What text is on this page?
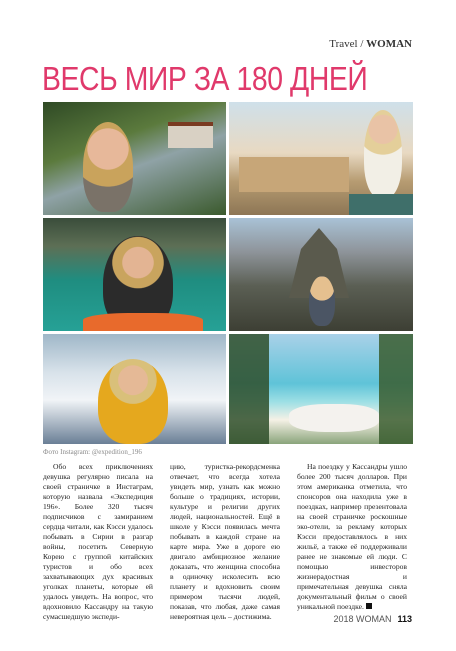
Travel / WOMAN
ВЕСЬ МИР ЗА 180 ДНЕЙ
Фото Instagram: @expedition_196

Обо всех приключениях девушка регулярно писала на своей страничке в Инстаграм, которую назвала «Экспедиция 196». Более 320 тысяч подписчиков с замиранием сердца читали, как Кэсси удалось побывать в Сирии в разгар войны, посетить Северную Корею с группой китайских туристов и обо всех захватывающих дух красивых уголках планеты, которые ей удалось увидеть. На вопрос, что вдохновило Кассандру на такую сумасшедшую экспеди-

цию, туристка-рекордсменка отвечает, что всегда хотела увидеть мир, узнать как можно больше о традициях, истории, культуре и религии других людей, национальностей. Ещё в школе у Кэсси появилась мечта побывать в каждой стране на карте мира. Уже в дороге ею двигало амбициозное желание доказать, что женщина способна в одиночку исколесить всю планету и вдохновить своим примером тысячи людей, показав, что любая, даже самая невероятная цель – достижима.

На поездку у Кассандры ушло более 200 тысяч долларов. При этом американка отметила, что спонсоров она находила уже в поездках, например презентовала на своей страничке роскошные эко-отели, за рекламу которых Кэсси предоставлялось в них жильё, а также её поддерживали ранее не знакомые ей люди. С помощью инвесторов жизнерадостная и примечательная девушка сняла документальный фильм о своей уникальной поездке.

2018 WOMAN 113
